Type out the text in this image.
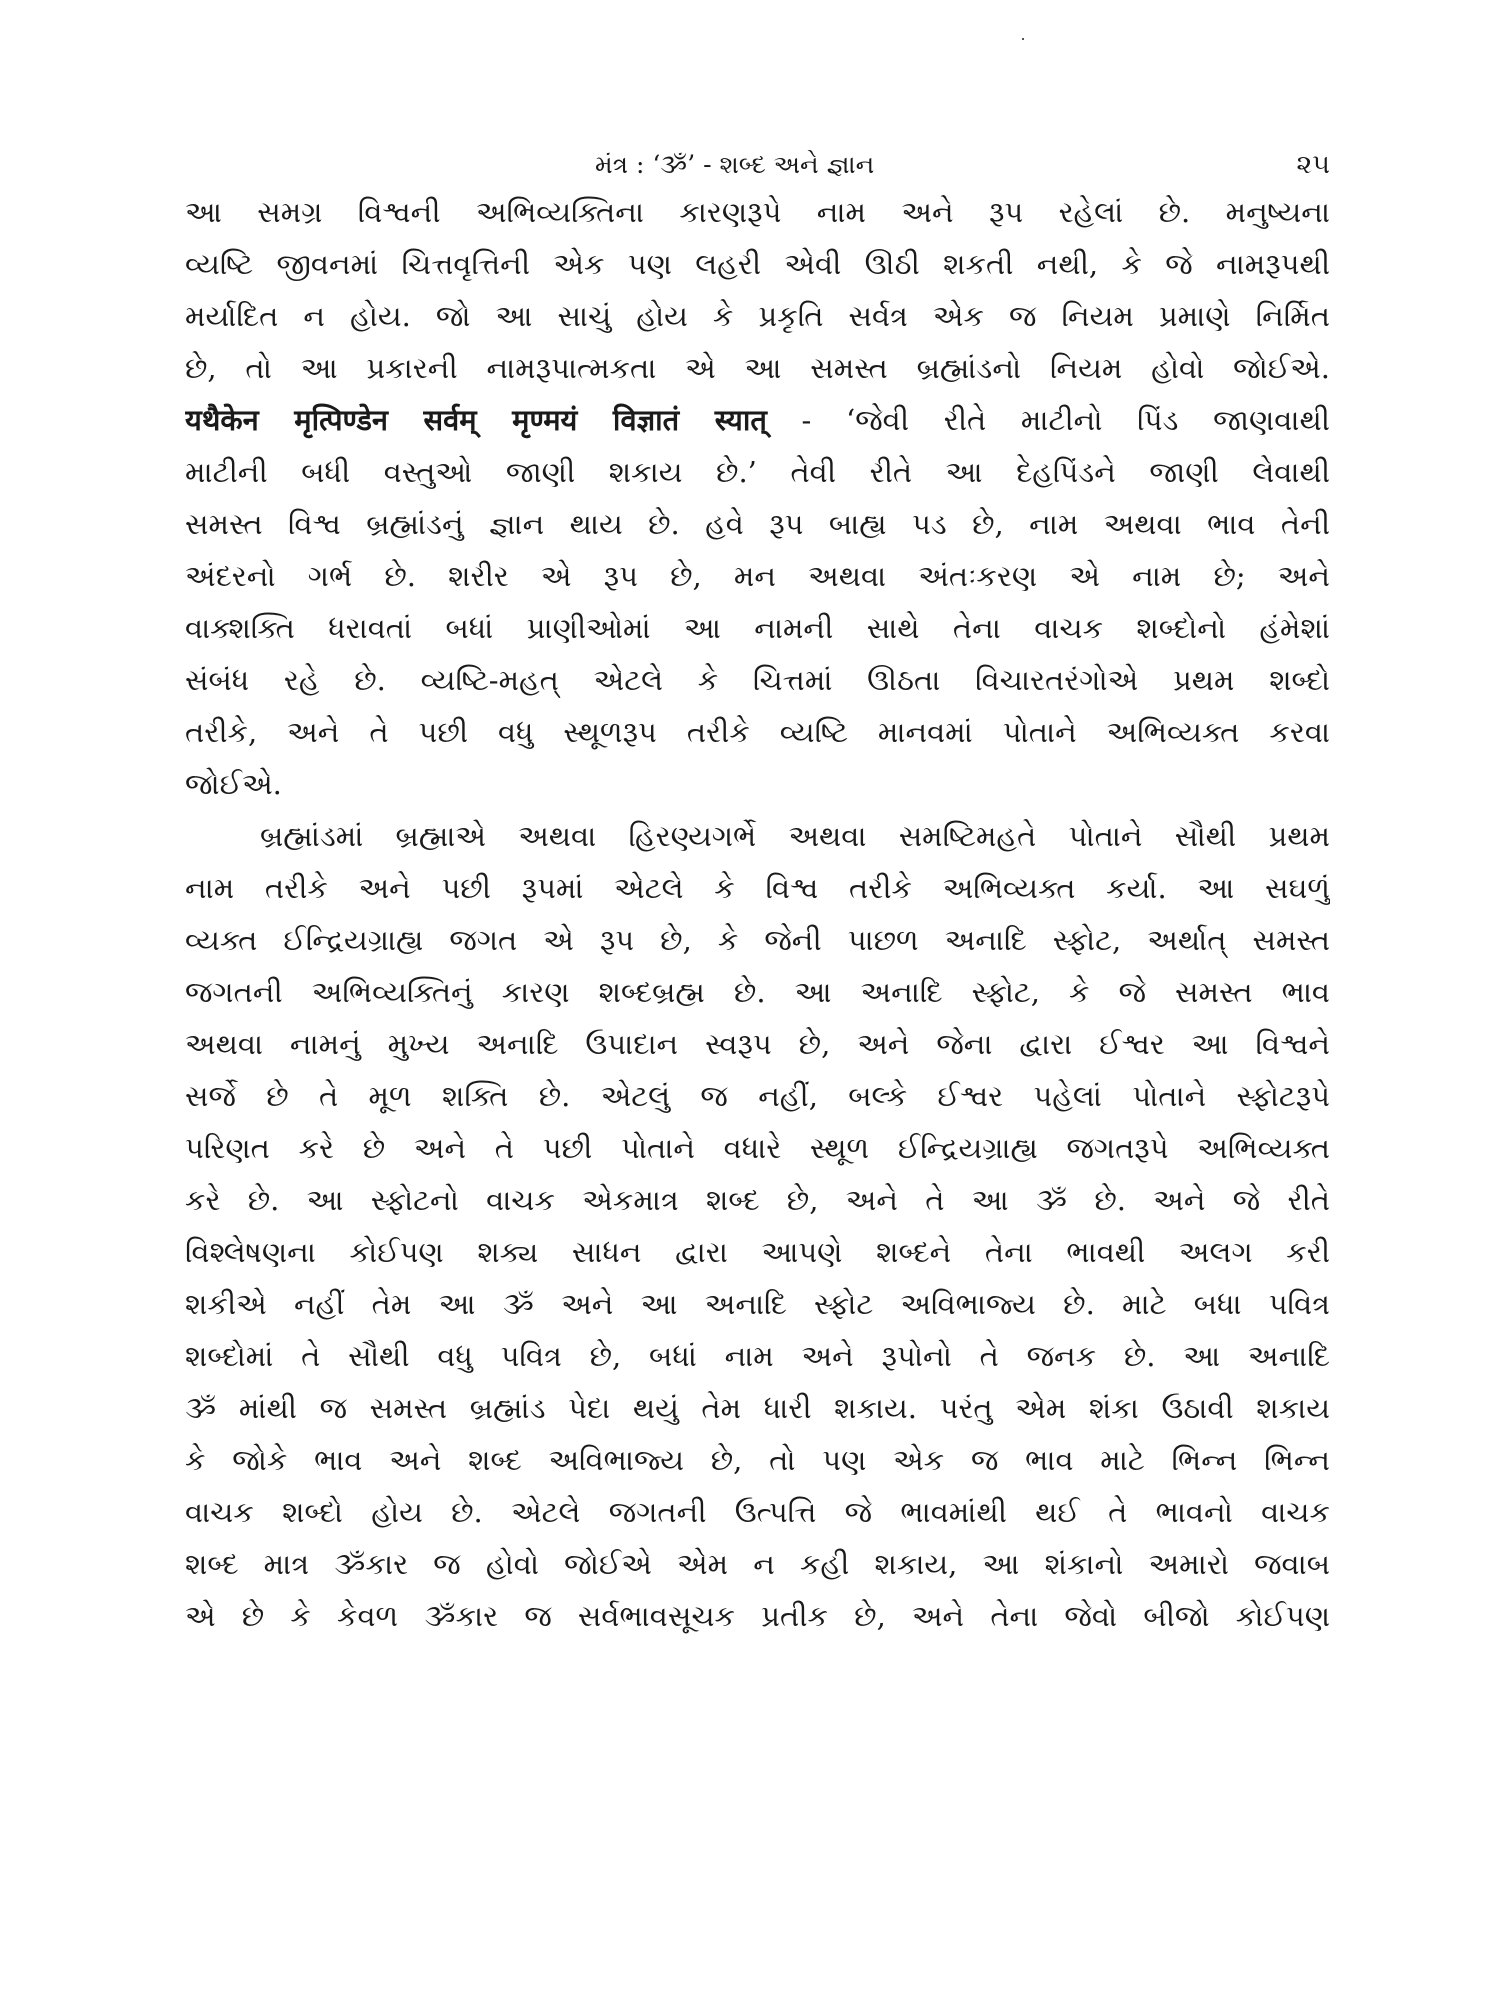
મંત્ર : ‘ૐ’ - શબ્દ અને જ્ઞાન	૨૫
આ સમગ્ર વિશ્વની અભિવ્યક્તિના કારણરૂપે નામ અને રૂપ રહેલાં છે. મનુષ્યના
વ્યષ્ટિ જીવનમાં ચિત્તવૃત્તિની એક પણ લહરી એવી ઊઠી શકતી નથી, કે જે નામરૂપથી
મર્યાદિત ન હોય. જો આ સાચું હોય કે પ્રકૃતિ સર્વત્ર એક જ નિયમ પ્રમાણે નિર્મિત
છે, તો આ પ્રકારની નામરૂપાત્મકતા એ આ સમસ્ત બ્રહ્માંડનો નિયમ હોવો જોઈએ.
यथैकेन मृत्पिण्डेन सर्वम् मृण्मयं विज्ञातं स्यात् - ‘જેવી રીતે માટીનો પિંડ જાણવાથી
માટીની બધી વસ્તુઓ જાણી શકાય છે.’ તેવી રીતે આ દેહપિંડને જાણી લેવાથી
સમસ્ત વિશ્વ બ્રહ્માંડનું જ્ઞાન થાય છે. હવે રૂપ બાહ્ય પડ છે, નામ અથવા ભાવ તેની
અંદરનો ગર્ભ છે. શરીર એ રૂપ છે, મન અથવા અંતઃકરણ એ નામ છે; અને
વાક્શક્તિ ધરાવતાં બધાં પ્રાણીઓમાં આ નામની સાથે તેના વાચક શબ્દોનો હંમેશાં
સંબંધ રહે છે. વ્યષ્ટિ-મહત્ એટલે કે ચિત્તમાં ઊઠતા વિચારતરંગોએ પ્રથમ શબ્દો
તરીકે, અને તે પછી વધુ સ્થૂળરૂપ તરીકે વ્યષ્ટિ માનવમાં પોતાને અભિવ્યક્ત કરવા
જોઈએ.
બ્રહ્માંડમાં બ્રહ્માએ અથવા હિરણ્યગર્ભે અથવા સમષ્ટિમહતે પોતાને સૌથી પ્રથમ
નામ તરીકે અને પછી રૂપમાં એટલે કે વિશ્વ તરીકે અભિવ્યક્ત કર્યા. આ સઘળું
વ્યક્ત ઈન્દ્રિયગ્રાહ્ય જગત એ રૂપ છે, કે જેની પાછળ અનાદિ સ્ફોટ, અર્થાત્ સમસ્ત
જગતની અભિવ્યક્તિનું કારણ શબ્દબ્રહ્મ છે. આ અનાદિ સ્ફોટ, કે જે સમસ્ત ભાવ
અથવા નામનું મુખ્ય અનાદિ ઉપાદાન સ્વરૂપ છે, અને જેના દ્વારા ઈશ્વર આ વિશ્વને
સર્જે છે તે મૂળ શક્તિ છે. એટલું જ નહીં, બલ્કે ઈશ્વર પહેલાં પોતાને સ્ફોટરૂપે
પરિણત કરે છે અને તે પછી પોતાને વધારે સ્થૂળ ઈન્દ્રિયગ્રાહ્ય જગતરૂપે અભિવ્યક્ત
કરે છે. આ સ્ફોટનો વાચક એકમાત્ર શબ્દ છે, અને તે આ ૐ છે. અને જે રીતે
વિશ્લેષણના કોઈપણ શક્ય સાધન દ્વારા આપણે શબ્દને તેના ભાવથી અલગ કરી
શકીએ નહીં તેમ આ ૐ અને આ અનાદિ સ્ફોટ અવિભાજ્ય છે. માટે બધા પવિત્ર
શબ્દોમાં તે સૌથી વધુ પવિત્ર છે, બધાં નામ અને રૂપોનો તે જનક છે. આ અનાદિ
ૐ માંથી જ સમસ્ત બ્રહ્માંડ પેદા થયું તેમ ધારી શકાય. પરંતુ એમ શંકા ઉઠાવી શકાય
કે જોકે ભાવ અને શબ્દ અવિભાજ્ય છે, તો પણ એક જ ભાવ માટે ભિન્ન ભિન્ન
વાચક શબ્દો હોય છે. એટલે જગતની ઉત્પત્તિ જે ભાવમાંથી થઈ તે ભાવનો વાચક
શબ્દ માત્ર ૐકાર જ હોવો જોઈએ એમ ન કહી શકાય, આ શંકાનો અમારો જવાબ
એ છે કે કેવળ ૐકાર જ સર્વભાવસૂચક પ્રતીક છે, અને તેના જેવો બીજો કોઈપણ
